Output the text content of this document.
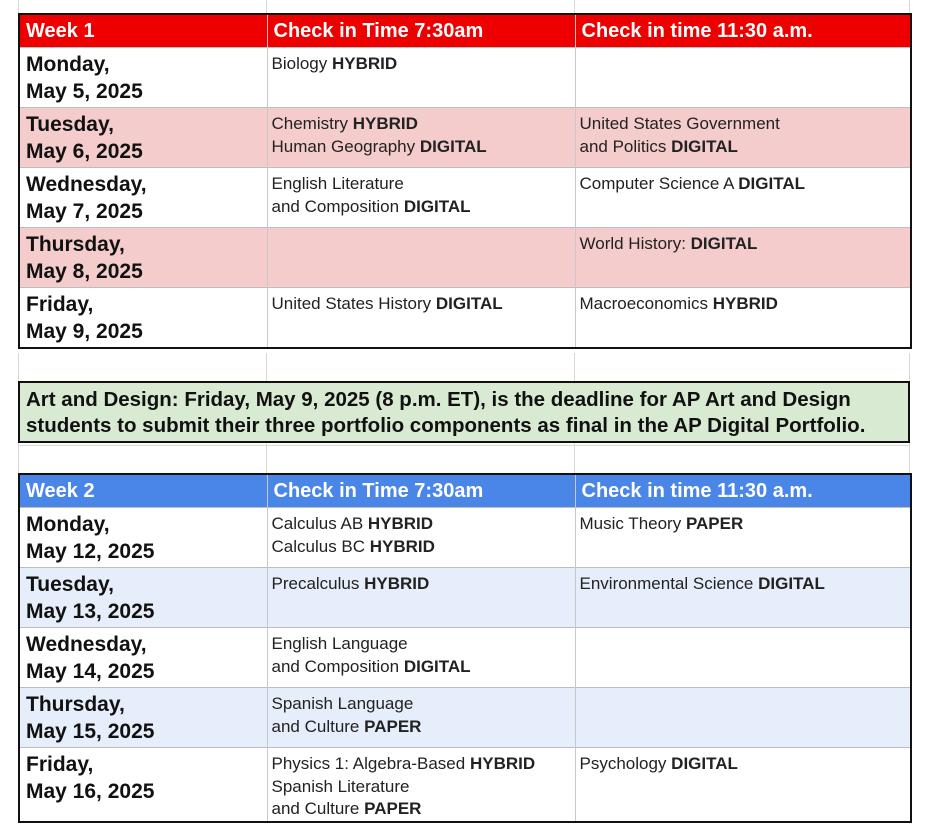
Week 1	Check in Time 7:30am	Check in time 11:30 a.m.

Monday,
May 5, 2025	Biology HYBRID	

Tuesday,
May 6, 2025	Chemistry HYBRID
Human Geography DIGITAL	United States Government
and Politics DIGITAL

Wednesday,
May 7, 2025	English Literature
and Composition DIGITAL	Computer Science A DIGITAL

Thursday,
May 8, 2025		World History: DIGITAL

Friday,
May 9, 2025	United States History DIGITAL	Macroeconomics HYBRID

Art and Design: Friday, May 9, 2025 (8 p.m. ET), is the deadline for AP Art and Design

students to submit their three portfolio components as final in the AP Digital Portfolio.

Week 2	Check in Time 7:30am	Check in time 11:30 a.m.

Monday,
May 12, 2025	Calculus AB HYBRID
Calculus BC HYBRID	Music Theory PAPER

Tuesday,
May 13, 2025	Precalculus HYBRID	Environmental Science DIGITAL

Wednesday,
May 14, 2025	English Language
and Composition DIGITAL	

Thursday,
May 15, 2025	Spanish Language
and Culture PAPER	

Friday,
May 16, 2025	Physics 1: Algebra-Based HYBRID
Spanish Literature
and Culture PAPER	Psychology DIGITAL
